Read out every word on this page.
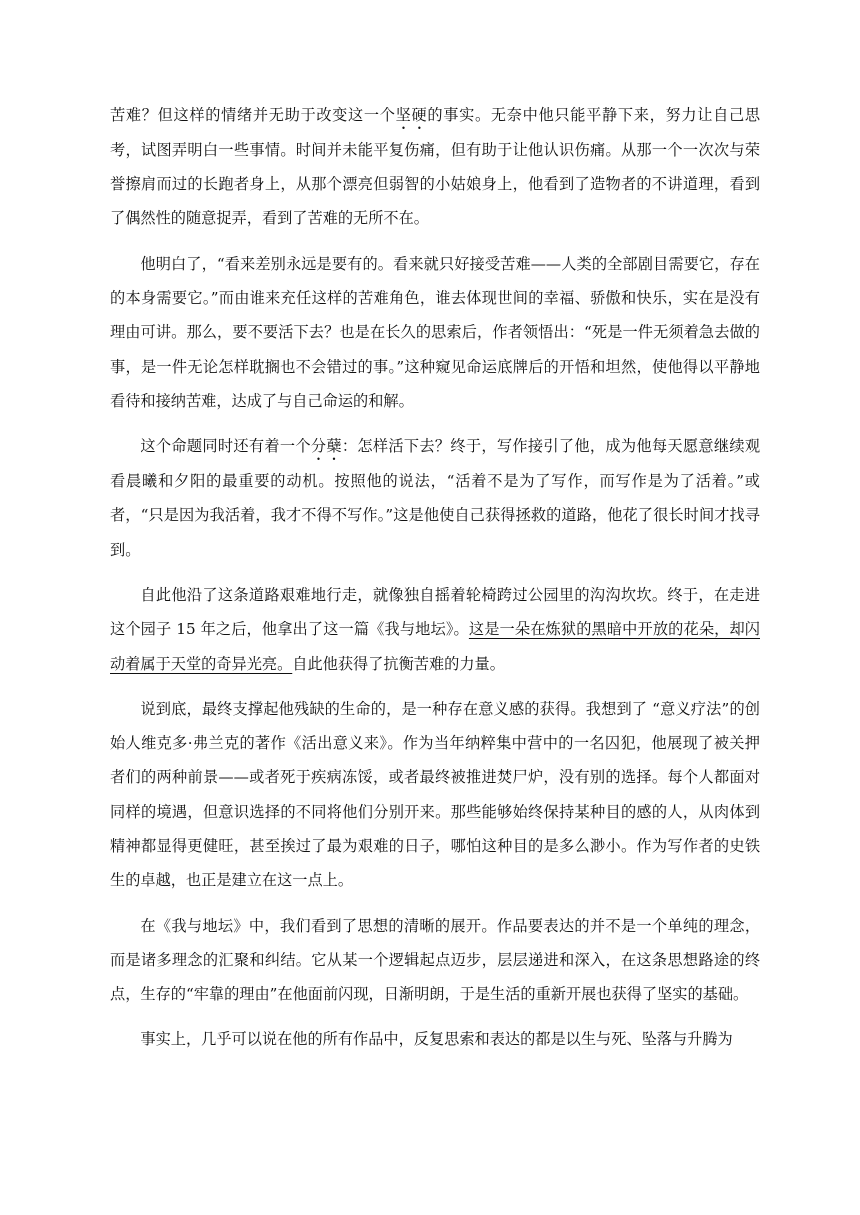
苦难？但这样的情绪并无助于改变这一个坚硬的事实。无奈中他只能平静下来，努力让自己思考，试图弄明白一些事情。时间并未能平复伤痛，但有助于让他认识伤痛。从那一个一次次与荣誉擦肩而过的长跑者身上，从那个漂亮但弱智的小姑娘身上，他看到了造物者的不讲道理，看到了偶然性的随意捉弄，看到了苦难的无所不在。

他明白了，“看来差别永远是要有的。看来就只好接受苦难——人类的全部剧目需要它，存在的本身需要它。”而由谁来充任这样的苦难角色，谁去体现世间的幸福、骄傲和快乐，实在是没有理由可讲。那么，要不要活下去？也是在长久的思索后，作者领悟出：“死是一件无须着急去做的事，是一件无论怎样耽搁也不会错过的事。”这种窥见命运底牌后的开悟和坦然，使他得以平静地看待和接纳苦难，达成了与自己命运的和解。

这个命题同时还有着一个分蘖：怎样活下去？终于，写作接引了他，成为他每天愿意继续观看晨曦和夕阳的最重要的动机。按照他的说法，“活着不是为了写作，而写作是为了活着。”或者，“只是因为我活着，我才不得不写作。”这是他使自己获得拯救的道路，他花了很长时间才找寻到。

自此他沿了这条道路艰难地行走，就像独自摇着轮椅跨过公园里的沟沟坎坎。终于，在走进这个园子 15 年之后，他拿出了这一篇《我与地坛》。这是一朵在炼狱的黑暗中开放的花朵，却闪动着属于天堂的奇异光亮。自此他获得了抗衡苦难的力量。

说到底，最终支撑起他残缺的生命的，是一种存在意义感的获得。我想到了 “意义疗法”的创始人维克多·弗兰克的著作《活出意义来》。作为当年纳粹集中营中的一名囚犯，他展现了被关押者们的两种前景——或者死于疾病冻馁，或者最终被推进焚尸炉，没有别的选择。每个人都面对同样的境遇，但意识选择的不同将他们分别开来。那些能够始终保持某种目的感的人，从肉体到精神都显得更健旺，甚至挨过了最为艰难的日子，哪怕这种目的是多么渺小。作为写作者的史铁生的卓越，也正是建立在这一点上。

在《我与地坛》中，我们看到了思想的清晰的展开。作品要表达的并不是一个单纯的理念，而是诸多理念的汇聚和纠结。它从某一个逻辑起点迈步，层层递进和深入，在这条思想路途的终点，生存的“牢靠的理由”在他面前闪现，日渐明朗，于是生活的重新开展也获得了坚实的基础。

事实上，几乎可以说在他的所有作品中，反复思索和表达的都是以生与死、坠落与升腾为
